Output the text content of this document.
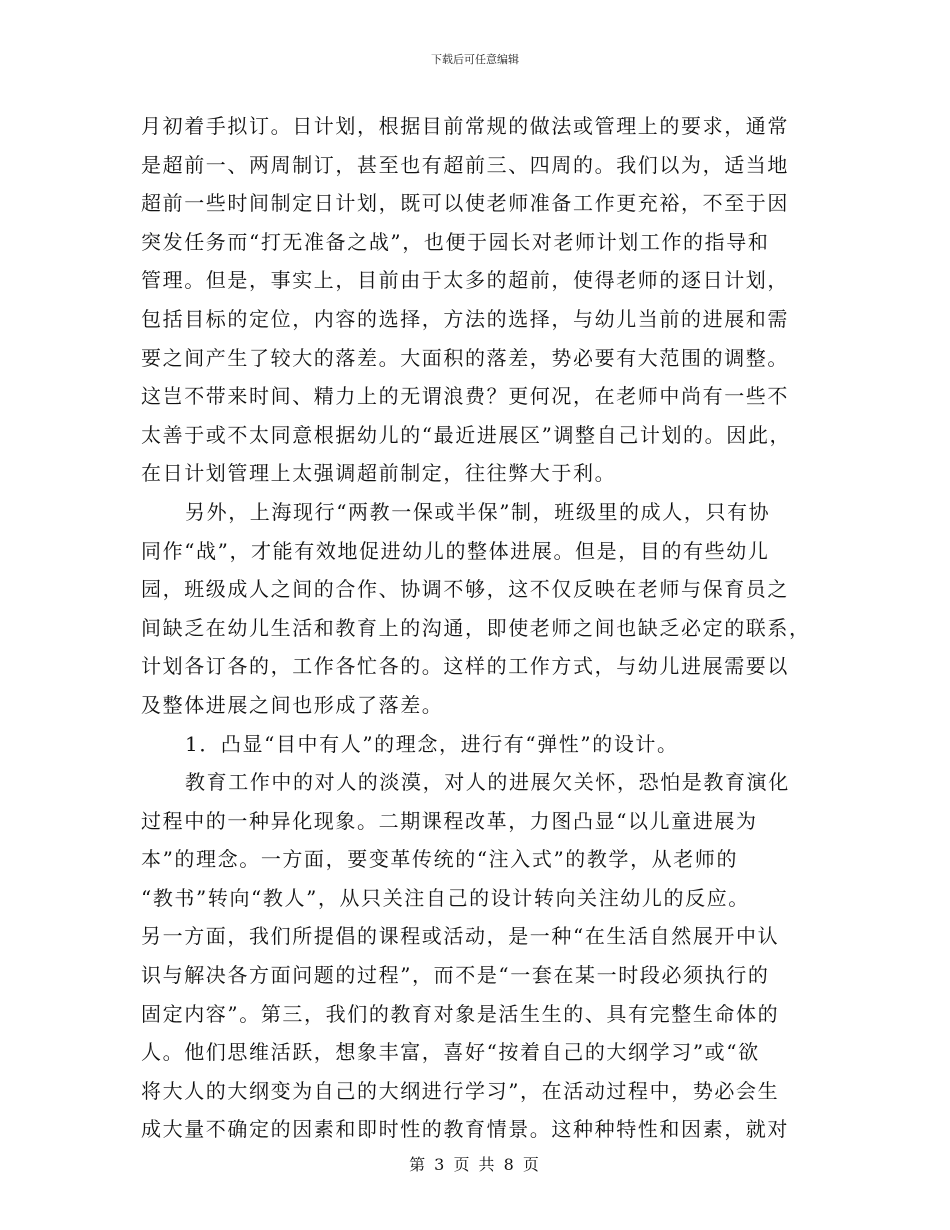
下载后可任意编辑
月初着手拟订。日计划，根据目前常规的做法或管理上的要求，通常
是超前一、两周制订，甚至也有超前三、四周的。我们以为，适当地
超前一些时间制定日计划，既可以使老师准备工作更充裕，不至于因
突发任务而“打无准备之战”，也便于园长对老师计划工作的指导和
管理。但是，事实上，目前由于太多的超前，使得老师的逐日计划，
包括目标的定位，内容的选择，方法的选择，与幼儿当前的进展和需
要之间产生了较大的落差。大面积的落差，势必要有大范围的调整。
这岂不带来时间、精力上的无谓浪费？更何况，在老师中尚有一些不
太善于或不太同意根据幼儿的“最近进展区”调整自己计划的。因此，
在日计划管理上太强调超前制定，往往弊大于利。
另外，上海现行“两教一保或半保”制，班级里的成人，只有协
同作“战”，才能有效地促进幼儿的整体进展。但是，目的有些幼儿
园，班级成人之间的合作、协调不够，这不仅反映在老师与保育员之
间缺乏在幼儿生活和教育上的沟通，即使老师之间也缺乏必定的联系，
计划各订各的，工作各忙各的。这样的工作方式，与幼儿进展需要以
及整体进展之间也形成了落差。
1．凸显“目中有人”的理念，进行有“弹性”的设计。
教育工作中的对人的淡漠，对人的进展欠关怀，恐怕是教育演化
过程中的一种异化现象。二期课程改革，力图凸显“以儿童进展为
本”的理念。一方面，要变革传统的“注入式”的教学，从老师的
“教书”转向“教人”，从只关注自己的设计转向关注幼儿的反应。
另一方面，我们所提倡的课程或活动，是一种“在生活自然展开中认
识与解决各方面问题的过程”，而不是“一套在某一时段必须执行的
固定内容”。第三，我们的教育对象是活生生的、具有完整生命体的
人。他们思维活跃，想象丰富，喜好“按着自己的大纲学习”或“欲
将大人的大纲变为自己的大纲进行学习”，在活动过程中，势必会生
成大量不确定的因素和即时性的教育情景。这种种特性和因素，就对
第 3 页 共 8 页
